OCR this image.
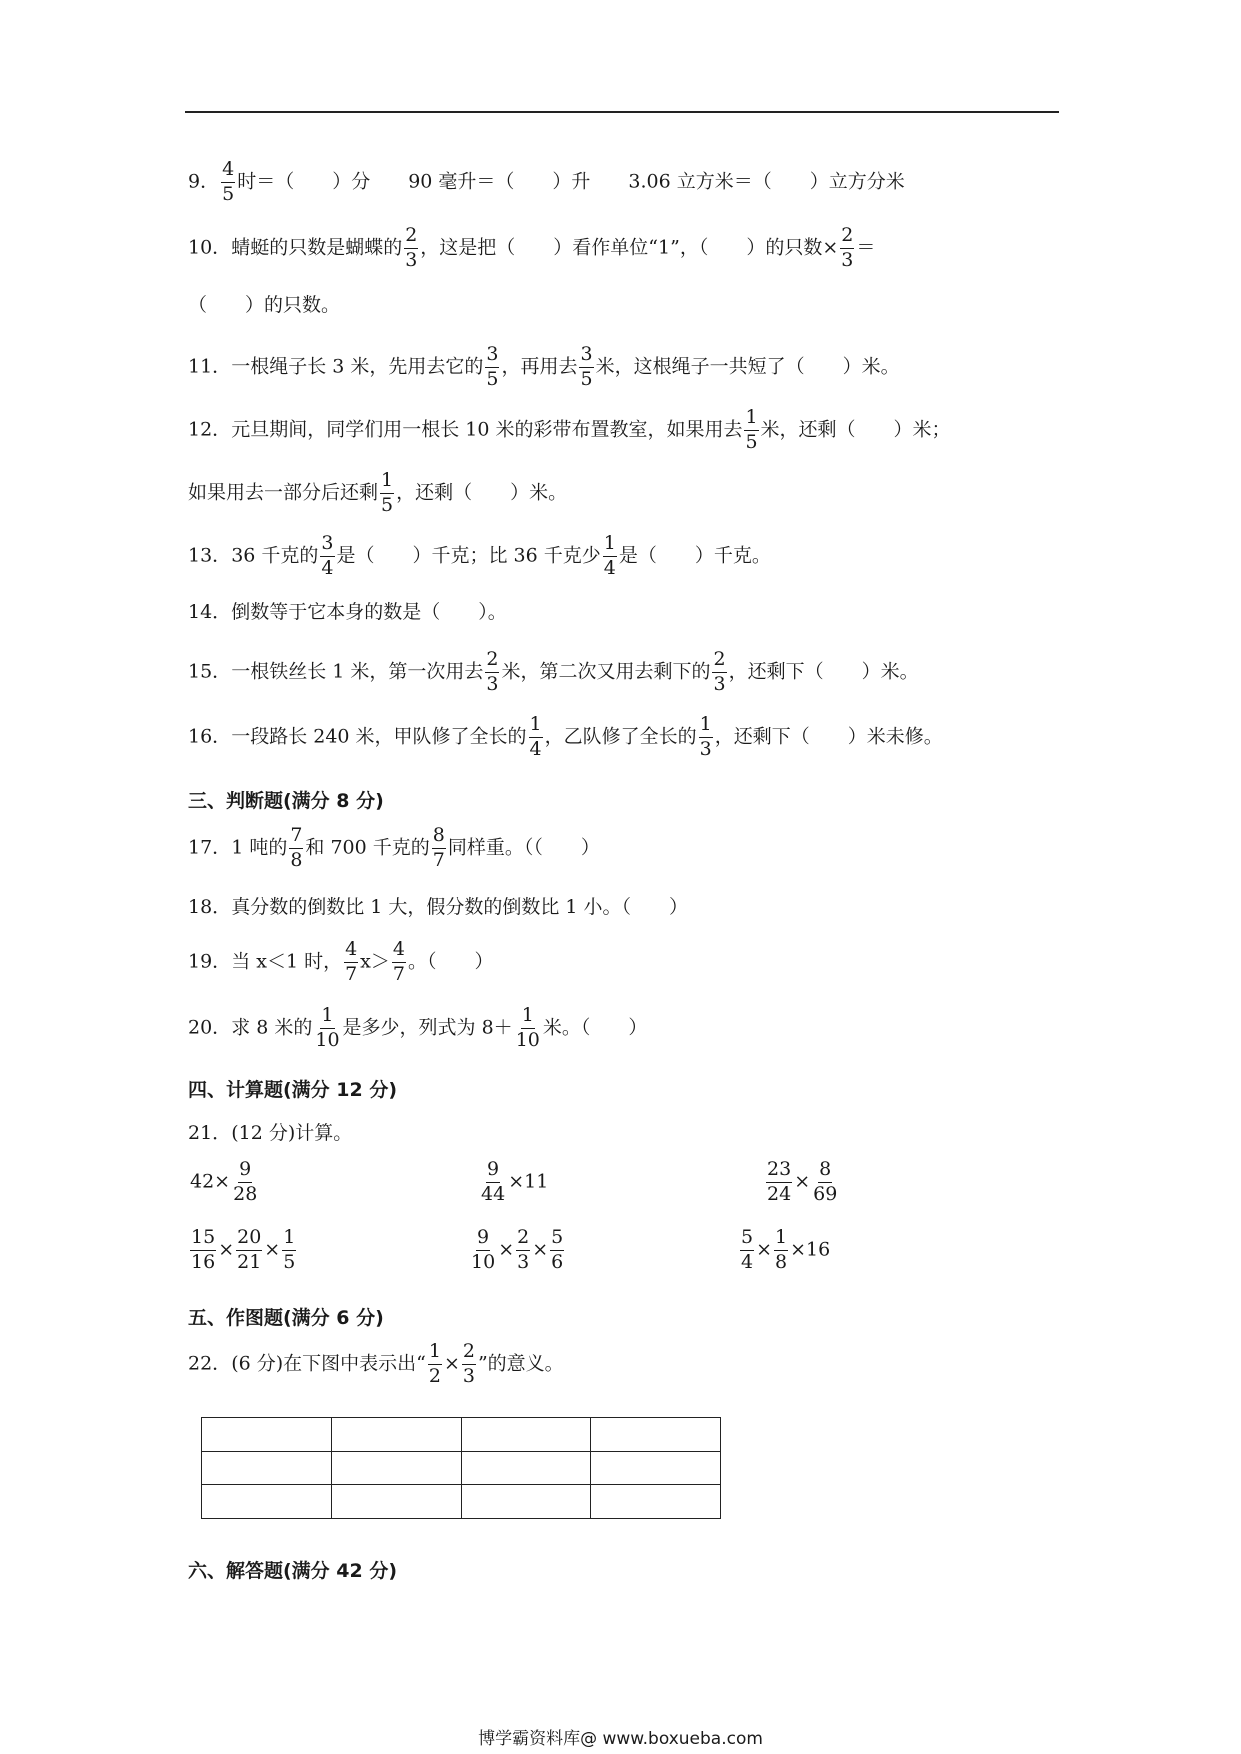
9． $\frac{4}{5}$ 时＝（　　）分　　90 毫升＝（　　）升　　3.06 立方米＝（　　）立方分米
10．蜻蜓的只数是蝴蝶的 $\frac{2}{3}$ ，这是把（　　）看作单位“1”，（　　）的只数× $\frac{2}{3}$ ＝
（　　）的只数。
11．一根绳子长 3 米，先用去它的 $\frac{3}{5}$ ，再用去 $\frac{3}{5}$ 米，这根绳子一共短了（　　）米。
12．元旦期间，同学们用一根长 10 米的彩带布置教室，如果用去 $\frac{1}{5}$ 米，还剩（　　）米；
如果用去一部分后还剩 $\frac{1}{5}$ ，还剩（　　）米。
13．36 千克的 $\frac{3}{4}$ 是（　　）千克；比 36 千克少 $\frac{1}{4}$ 是（　　）千克。
14．倒数等于它本身的数是（　　）。
15．一根铁丝长 1 米，第一次用去 $\frac{2}{3}$ 米，第二次又用去剩下的 $\frac{2}{3}$ ，还剩下（　　）米。
16．一段路长 240 米，甲队修了全长的 $\frac{1}{4}$ ，乙队修了全长的 $\frac{1}{3}$ ，还剩下（　　）米未修。
三、判断题(满分 8 分)
17．1 吨的 $\frac{7}{8}$ 和 700 千克的 $\frac{8}{7}$ 同样重。（（　　）
18．真分数的倒数比 1 大，假分数的倒数比 1 小。（　　）
19．当 x＜1 时， $\frac{4}{7} x> \frac{4}{7}$ 。（　　）
20．求 8 米的 $\frac{1}{10}$ 是多少，列式为 $8+ \frac{1}{10}$ 米。（　　）
四、计算题(满分 12 分)
21．(12 分)计算。
$42\times \frac{9}{28}$	$\frac{9}{44} \times 11$	$\frac{23}{24} \times \frac{8}{69}$
$\frac{15}{16} \times \frac{20}{21} \times \frac{1}{5}$	$\frac{9}{10} \times \frac{2}{3} \times \frac{5}{6}$	$\frac{5}{4} \times \frac{1}{8} \times 16$
五、作图题(满分 6 分)
22．(6 分)在下图中表示出“ $\frac{1}{2} \times \frac{2}{3}$ ”的意义。

六、解答题(满分 42 分)
博学霸资料库@ www.boxueba.com
